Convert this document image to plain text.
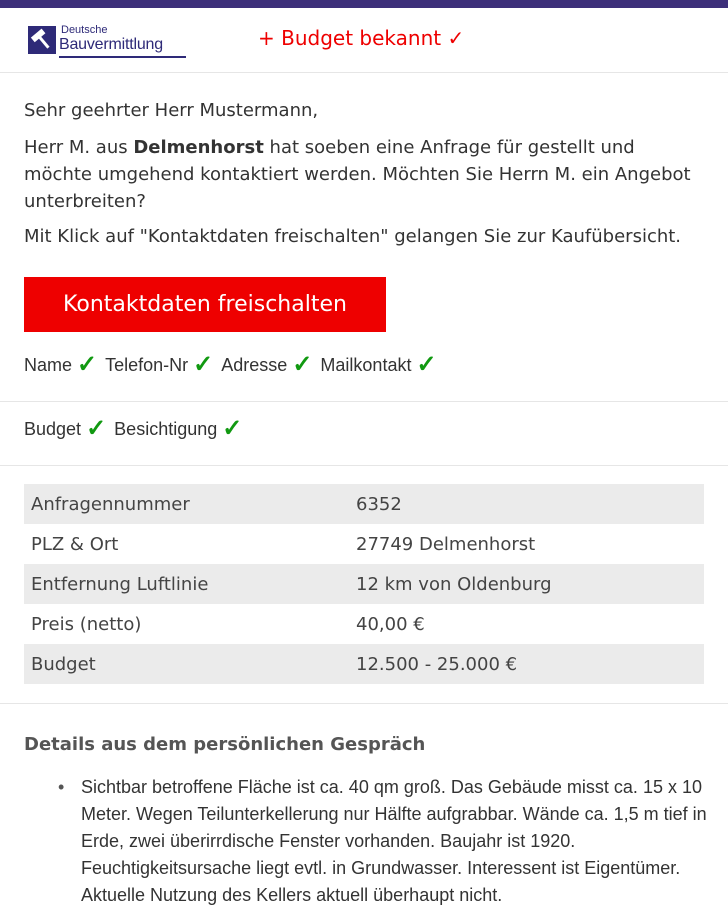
Deutsche
Bauvermittlung	+ Budget bekannt ✓
Sehr geehrter Herr Mustermann,
Herr M. aus Delmenhorst hat soeben eine Anfrage für gestellt und möchte umgehend kontaktiert werden. Möchten Sie Herrn M. ein Angebot unterbreiten?
Mit Klick auf "Kontaktdaten freischalten" gelangen Sie zur Kaufübersicht.
Kontaktdaten freischalten
Name ✓ Telefon-Nr ✓ Adresse ✓ Mailkontakt ✓
Budget ✓ Besichtigung ✓
Anfragennummer	6352
PLZ & Ort	27749 Delmenhorst
Entfernung Luftlinie	12 km von Oldenburg
Preis (netto)	40,00 €
Budget	12.500 - 25.000 €
Details aus dem persönlichen Gespräch
• Sichtbar betroffene Fläche ist ca. 40 qm groß. Das Gebäude misst ca. 15 x 10 Meter. Wegen Teilunterkellerung nur Hälfte aufgrabbar. Wände ca. 1,5 m tief in Erde, zwei überirrdische Fenster vorhanden. Baujahr ist 1920. Feuchtigkeitsursache liegt evtl. in Grundwasser. Interessent ist Eigentümer. Aktuelle Nutzung des Kellers aktuell überhaupt nicht.
